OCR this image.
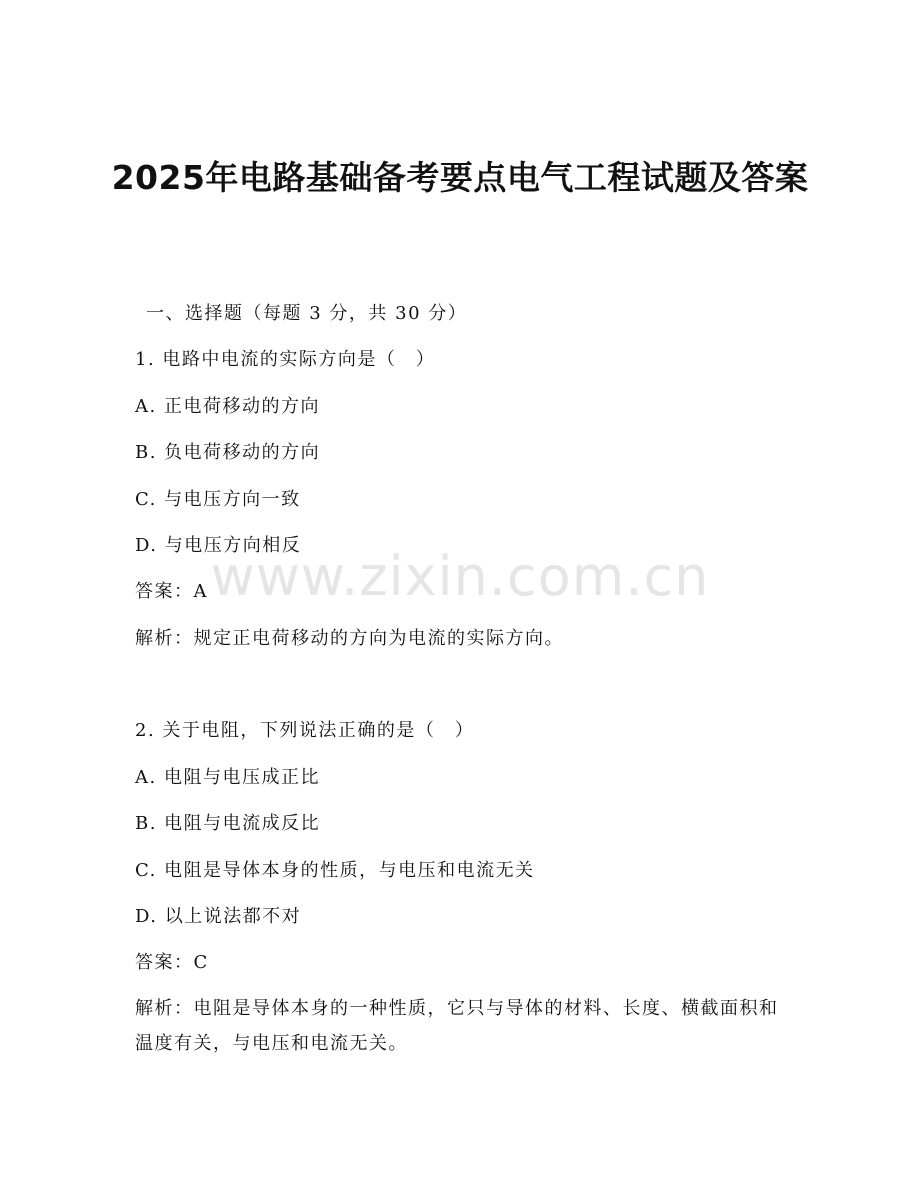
2025年电路基础备考要点电气工程试题及答案
一、选择题（每题 3 分，共 30 分）
1. 电路中电流的实际方向是（　）
A. 正电荷移动的方向
B. 负电荷移动的方向
C. 与电压方向一致
D. 与电压方向相反
答案：A
解析：规定正电荷移动的方向为电流的实际方向。
2. 关于电阻，下列说法正确的是（　）
A. 电阻与电压成正比
B. 电阻与电流成反比
C. 电阻是导体本身的性质，与电压和电流无关
D. 以上说法都不对
答案：C
解析：电阻是导体本身的一种性质，它只与导体的材料、长度、横截面积和温度有关，与电压和电流无关。
www.zixin.com.cn
